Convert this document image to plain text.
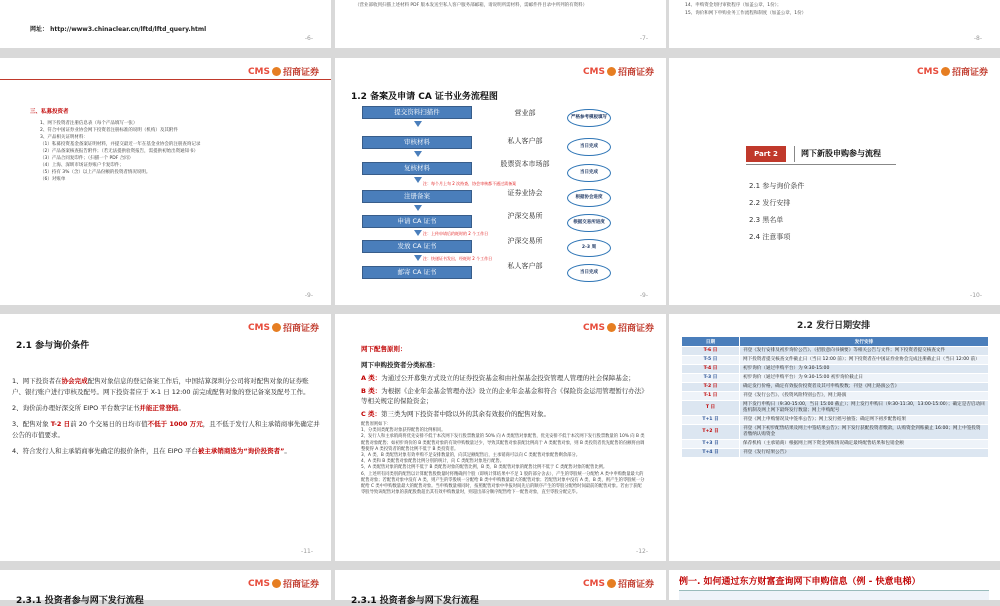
网址： http://www3.chinaclear.cn/lftd/lftd_query.html
-6-
（营业部收到扫描上述材料 PDF 版本发送至私人客户服务部邮箱，请说明所需材料，需邮件件目录中所列的有资料）
-7-
14、申购资金划付审批程序（加盖公章，1份）；
15、询价和网下申购业务工作流程和制度（加盖公章，1份）
-8-
CMS 招商证券
三、私募投资者
1、网下投资者注册信息表（每个产品填写一张）
2、符合中国证券业协会网下投资者注册标准的说明（机构）及其附件
3、产品相关证明材料：
（1）私募投资基金备案证明材料，并提交最近一年在基金业协会的注册查询记录
（2）产品备案核查报告附件；（若无法提供验资报告，需提供初始出资通知书）
（3）产品合同复印件；（扫描一个 PDF 合同）
（4）上海、深圳市场证券账户卡复印件；
（5）持有 3%（含）以上产品份额的投资者情况说明。
（6）对账单
-9-
CMS 招商证券
1.2 备案及申请 CA 证书业务流程图
提交资料扫描件
审核材料
复核材料
注册备案
申请 CA 证书
发放 CA 证书
邮寄 CA 证书
营业部
私人客户部
股票资本市场部
证券业协会
沪深交易所
沪深交易所
私人客户部
严格参考模板填写
当日完成
当日完成
根据协会进度
根据交易所进度
2-3 周
当日完成
注：每个月上旬 2 次持查，协会审核都不通过需备案
注：上传申请后约耗时的 2 个工作日
注：快递证书发出，经耗时 2 个工作日
-9-
CMS 招商证券
Part 2	网下新股申购参与流程
2.1 参与询价条件
2.2 发行安排
2.3 黑名单
2.4 注意事项
-10-
CMS 招商证券
2.1 参与询价条件

1、网下投资者在协会完成配售对象信息的登记备案工作后，中国结算深圳分公司将对配售对象的证券账户、银行账户进行审核及配号。网下投资者应于 X-1 日 12:00 前完成配售对象的登记备案及配号工作。

2、询价前办理好深交所 EIPO 平台数字证书并能正常登陆。

3、配售对象 T-2 日前 20 个交易日的日均市值不低于 1000 万元，且不低于发行人和主承销商事先确定并公告的市值要求。

4、符合发行人和主承销商事先确定的报价条件，且在 EIPO 平台被主承销商选为“询价投资者”。

-11-
CMS 招商证券
网下配售原则：
网下申购投资者分类标准：
A 类：为通过公开募集方式设立的证券投资基金和由社保基金投资管理人管理的社会保障基金；
B 类：为根据《企业年金基金管理办法》设立的企业年金基金和符合《保险资金运用管理暂行办法》等相关规定的保险资金；
C 类：第三类为网下投资者中除以外的其余有效报价的配售对象。
配售原则如下：
1、分类同类配售对象获得配售的比例相同。
2、发行人和主承销商将优先安排不低于本次网下发行股票数量的 50% 向 A 类配售对象配售，优先安排不低于本次网下发行股票数量的 10% 向 B 类配售对象配售；如初步询价的 B 类配售对象的有效申购数量过少，导致其配售对象获配比例高于 A 类配售对象，则 B 类投资者优先配售的份额将由调整使得 A 类投资者的配售比例不低于 B 类投资者。
3、A 类、B 类配售对象有效申购不足安排数量的，向其足额配售后，主承销商可以向 C 类配售对象配售剩余部分。
4、A 类和 B 类配售对象配售比例分别的统计，向 C 类配售对象进行配售。
5、A 类配售对象的配售比例不低于 B 类配售对象的配售比例，B 类、B 类配售对象的配售比例不低于 C 类配售对象的配售比例。
6、上述所有同类别的配售以计算配售股数量时将精确到个股（即统计算结果中不足 1 股的部分舍去），产生的零股统一分配给 A 类中申购数量最大的配售对象；若配售对象中没有 A 类，则产生的零股统一分配给 B 类中申购数量最大的配售对象；若配售对象中没有 A 类、B 类，则产生的零股统一分配给 C 类中申购数量最大的配售对象。当申购数量相同时，按照配售对象中申报时间先后的顺序产生的零股分配给时间最前的配售对象。若由于获配零股导致该配售对象的获配股数超出其有效申购数量时，则超出部分顺序配售给下一配售对象，直至零股分配完毕。
-12-
2.2 发行日期安排
日期	发行安排
T-6 日	刊登《发行安排及初步询价公告》、《招股意向书摘要》等相关公告与文件；网下投资者提交核查文件
T-5 日	网下投资者提交核查文件截止日（当日 12:00 前）；网下投资者在中国证券业协会完成注册截止日（当日 12:00 前）
T-4 日	初步询价（通过申购平台）为 9:30-15:00
T-3 日	初步询价（通过申购平台）为 9:30-15:00 初步询价截止日
T-2 日	确定发行价格，确定有效报价投资者及其可申购股数；刊登《网上路演公告》
T-1 日	刊登《发行公告》、《投资风险特别公告》，网上路演
T 日	网下发行申购日（9:30-15:00，当日 15:00 截止）；网上发行申购日（9:30-11:30，13:00-15:00）；确定是否启动回拨机制及网上网下最终发行数量；网上申购配号
T+1 日	刊登《网上申购情况及中签率公告》；网上发行摇号抽签；确定网下初步配售结果
T+2 日	刊登《网下初步配售结果及网上中签结果公告》；网下发行获配投资者缴款，认购资金到账截止 16:00；网上中签投资者缴纳认购资金
T+3 日	保荐机构（主承销商）根据网上网下资金到账情况确定最终配售结果和包销金额
T+4 日	刊登《发行结果公告》
CMS 招商证券
2.3.1 投资者参与网下发行流程
CMS 招商证券
2.3.1 投资者参与网下发行流程
例一. 如何通过东方财富查询网下申购信息（例 - 快意电梯）
